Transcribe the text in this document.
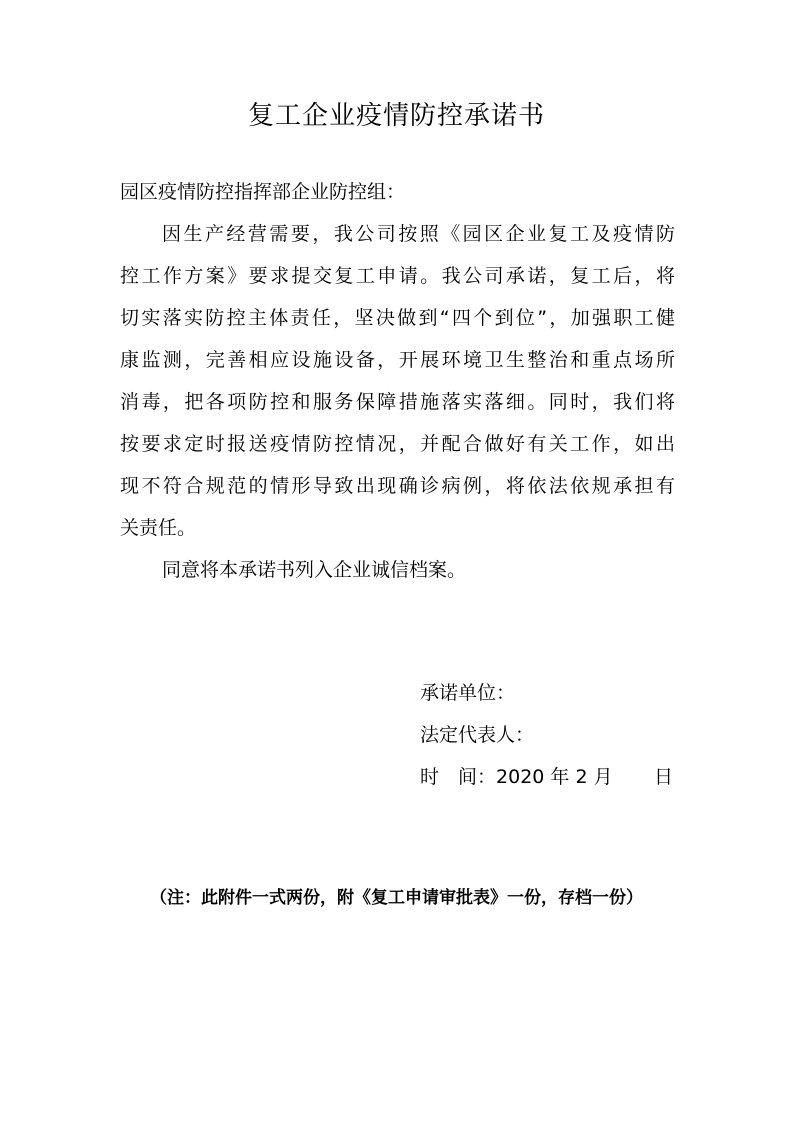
复工企业疫情防控承诺书
园区疫情防控指挥部企业防控组：
因生产经营需要，我公司按照《园区企业复工及疫情防
控工作方案》要求提交复工申请。我公司承诺，复工后，将
切实落实防控主体责任，坚决做到“四个到位”，加强职工健
康监测，完善相应设施设备，开展环境卫生整治和重点场所
消毒，把各项防控和服务保障措施落实落细。同时，我们将
按要求定时报送疫情防控情况，并配合做好有关工作，如出
现不符合规范的情形导致出现确诊病例，将依法依规承担有
关责任。
同意将本承诺书列入企业诚信档案。
承诺单位：
法定代表人：
时　间：2020 年 2 月 日
（注：此附件一式两份，附《复工申请审批表》一份，存档一份）
